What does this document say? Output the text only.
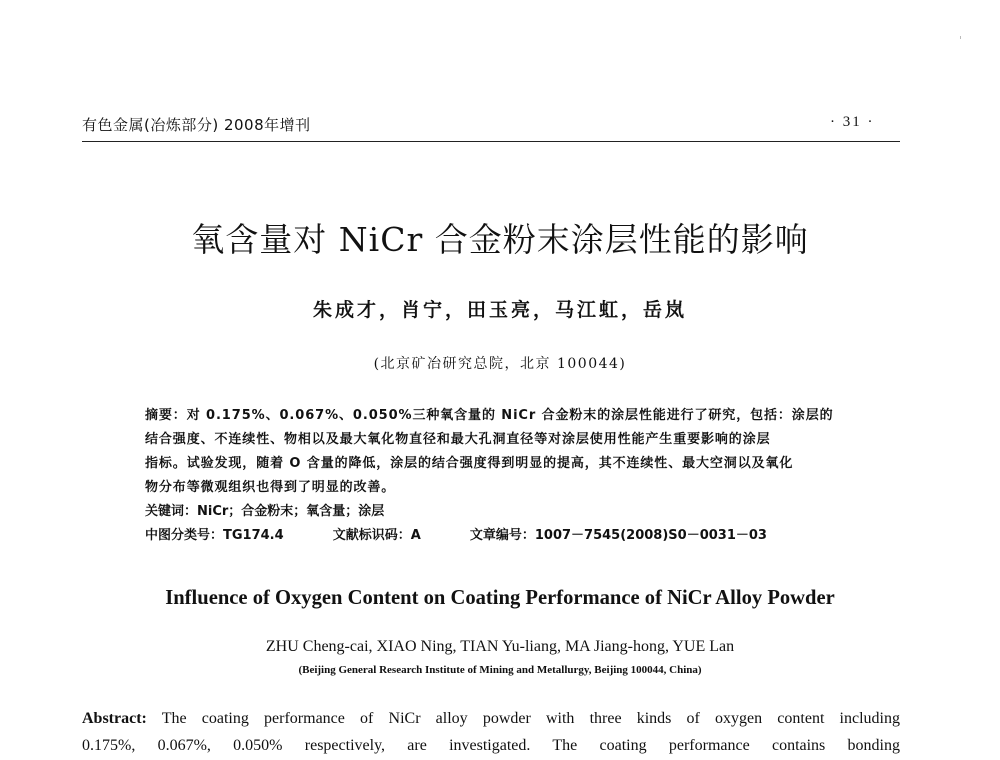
有色金属(冶炼部分) 2008年增刊	· 31 ·
氧含量对 NiCr 合金粉末涂层性能的影响
朱成才，肖宁，田玉亮，马江虹，岳岚
(北京矿冶研究总院，北京 100044)
摘要：对 0.175%、0.067%、0.050%三种氧含量的 NiCr 合金粉末的涂层性能进行了研究，包括：涂层的
结合强度、不连续性、物相以及最大氧化物直径和最大孔洞直径等对涂层使用性能产生重要影响的涂层
指标。试验发现，随着 O 含量的降低，涂层的结合强度得到明显的提高，其不连续性、最大空洞以及氧化
物分布等微观组织也得到了明显的改善。
关键词：NiCr；合金粉末；氧含量；涂层
中图分类号：TG174.4	文献标识码：A	文章编号：1007－7545(2008)S0－0031－03
Influence of Oxygen Content on Coating Performance of NiCr Alloy Powder
ZHU Cheng-cai, XIAO Ning, TIAN Yu-liang, MA Jiang-hong, YUE Lan
(Beijing General Research Institute of Mining and Metallurgy, Beijing 100044, China)
Abstract: The coating performance of NiCr alloy powder with three kinds of oxygen content including
0.175%, 0.067%, 0.050% respectively, are investigated. The coating performance contains bonding
